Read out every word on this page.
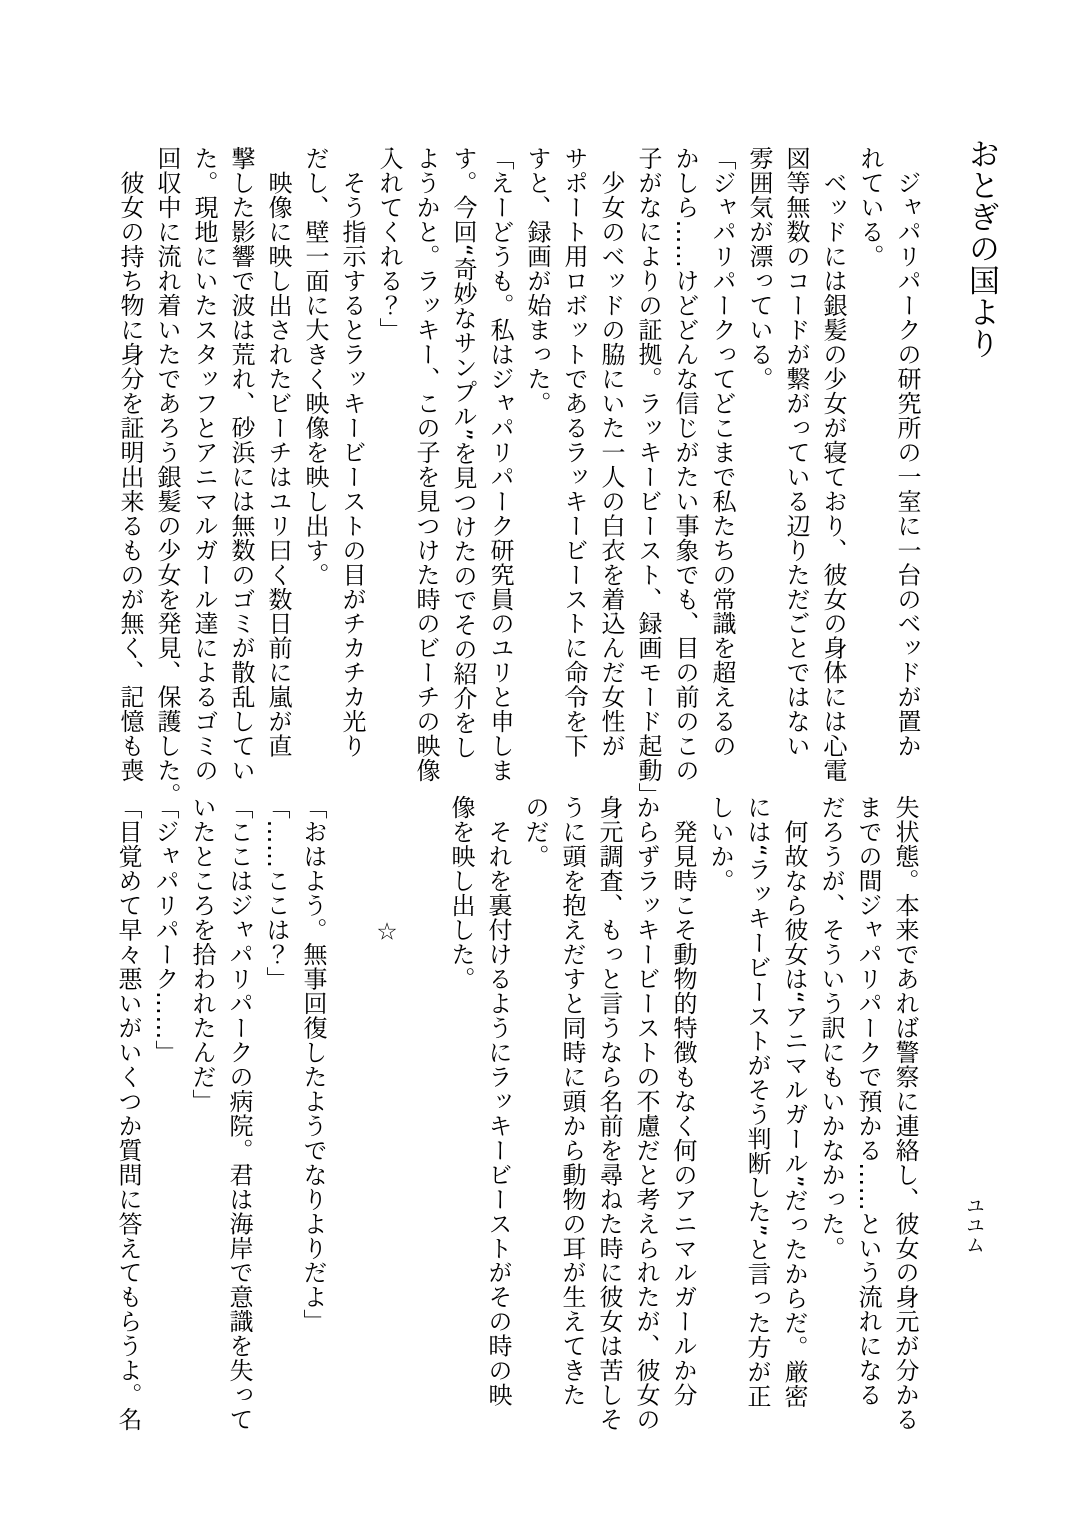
おとぎの国より
ユユム

　ジャパリパークの研究所の一室に一台のベッドが置か

れている。

　ベッドには銀髪の少女が寝ており、彼女の身体には心電

図等無数のコードが繋がっている辺りただごとではない

雰囲気が漂っている。

「ジャパリパークってどこまで私たちの常識を超えるの

かしら……けどどんな信じがたい事象でも、目の前のこの

子がなによりの証拠。ラッキービースト、録画モード起動」

　少女のベッドの脇にいた一人の白衣を着込んだ女性が

サポート用ロボットであるラッキービーストに命令を下

すと、録画が始まった。

「えーどうも。私はジャパリパーク研究員のユリと申しま

す。今回“奇妙なサンプル”を見つけたのでその紹介をし

ようかと。ラッキー、この子を見つけた時のビーチの映像

入れてくれる？」

　そう指示するとラッキービーストの目がチカチカ光り

だし、壁一面に大きく映像を映し出す。

　映像に映し出されたビーチはユリ曰く数日前に嵐が直

撃した影響で波は荒れ、砂浜には無数のゴミが散乱してい

た。現地にいたスタッフとアニマルガール達によるゴミの

回収中に流れ着いたであろう銀髪の少女を発見、保護した。

　彼女の持ち物に身分を証明出来るものが無く、記憶も喪

失状態。本来であれば警察に連絡し、彼女の身元が分かる

までの間ジャパリパークで預かる……という流れになる

だろうが、そういう訳にもいかなかった。

　何故なら彼女は“アニマルガール”だったからだ。厳密

には“ラッキービーストがそう判断した”と言った方が正

しいか。

　発見時こそ動物的特徴もなく何のアニマルガールか分

からずラッキービーストの不慮だと考えられたが、彼女の

身元調査、もっと言うなら名前を尋ねた時に彼女は苦しそ

うに頭を抱えだすと同時に頭から動物の耳が生えてきた

のだ。

　それを裏付けるようにラッキービーストがその時の映

像を映し出した。

　　　　　☆

「おはよう。無事回復したようでなりよりだよ」

「……ここは？」

「ここはジャパリパークの病院。君は海岸で意識を失って

いたところを拾われたんだ」

「ジャパリパーク……」

「目覚めて早々悪いがいくつか質問に答えてもらうよ。名
